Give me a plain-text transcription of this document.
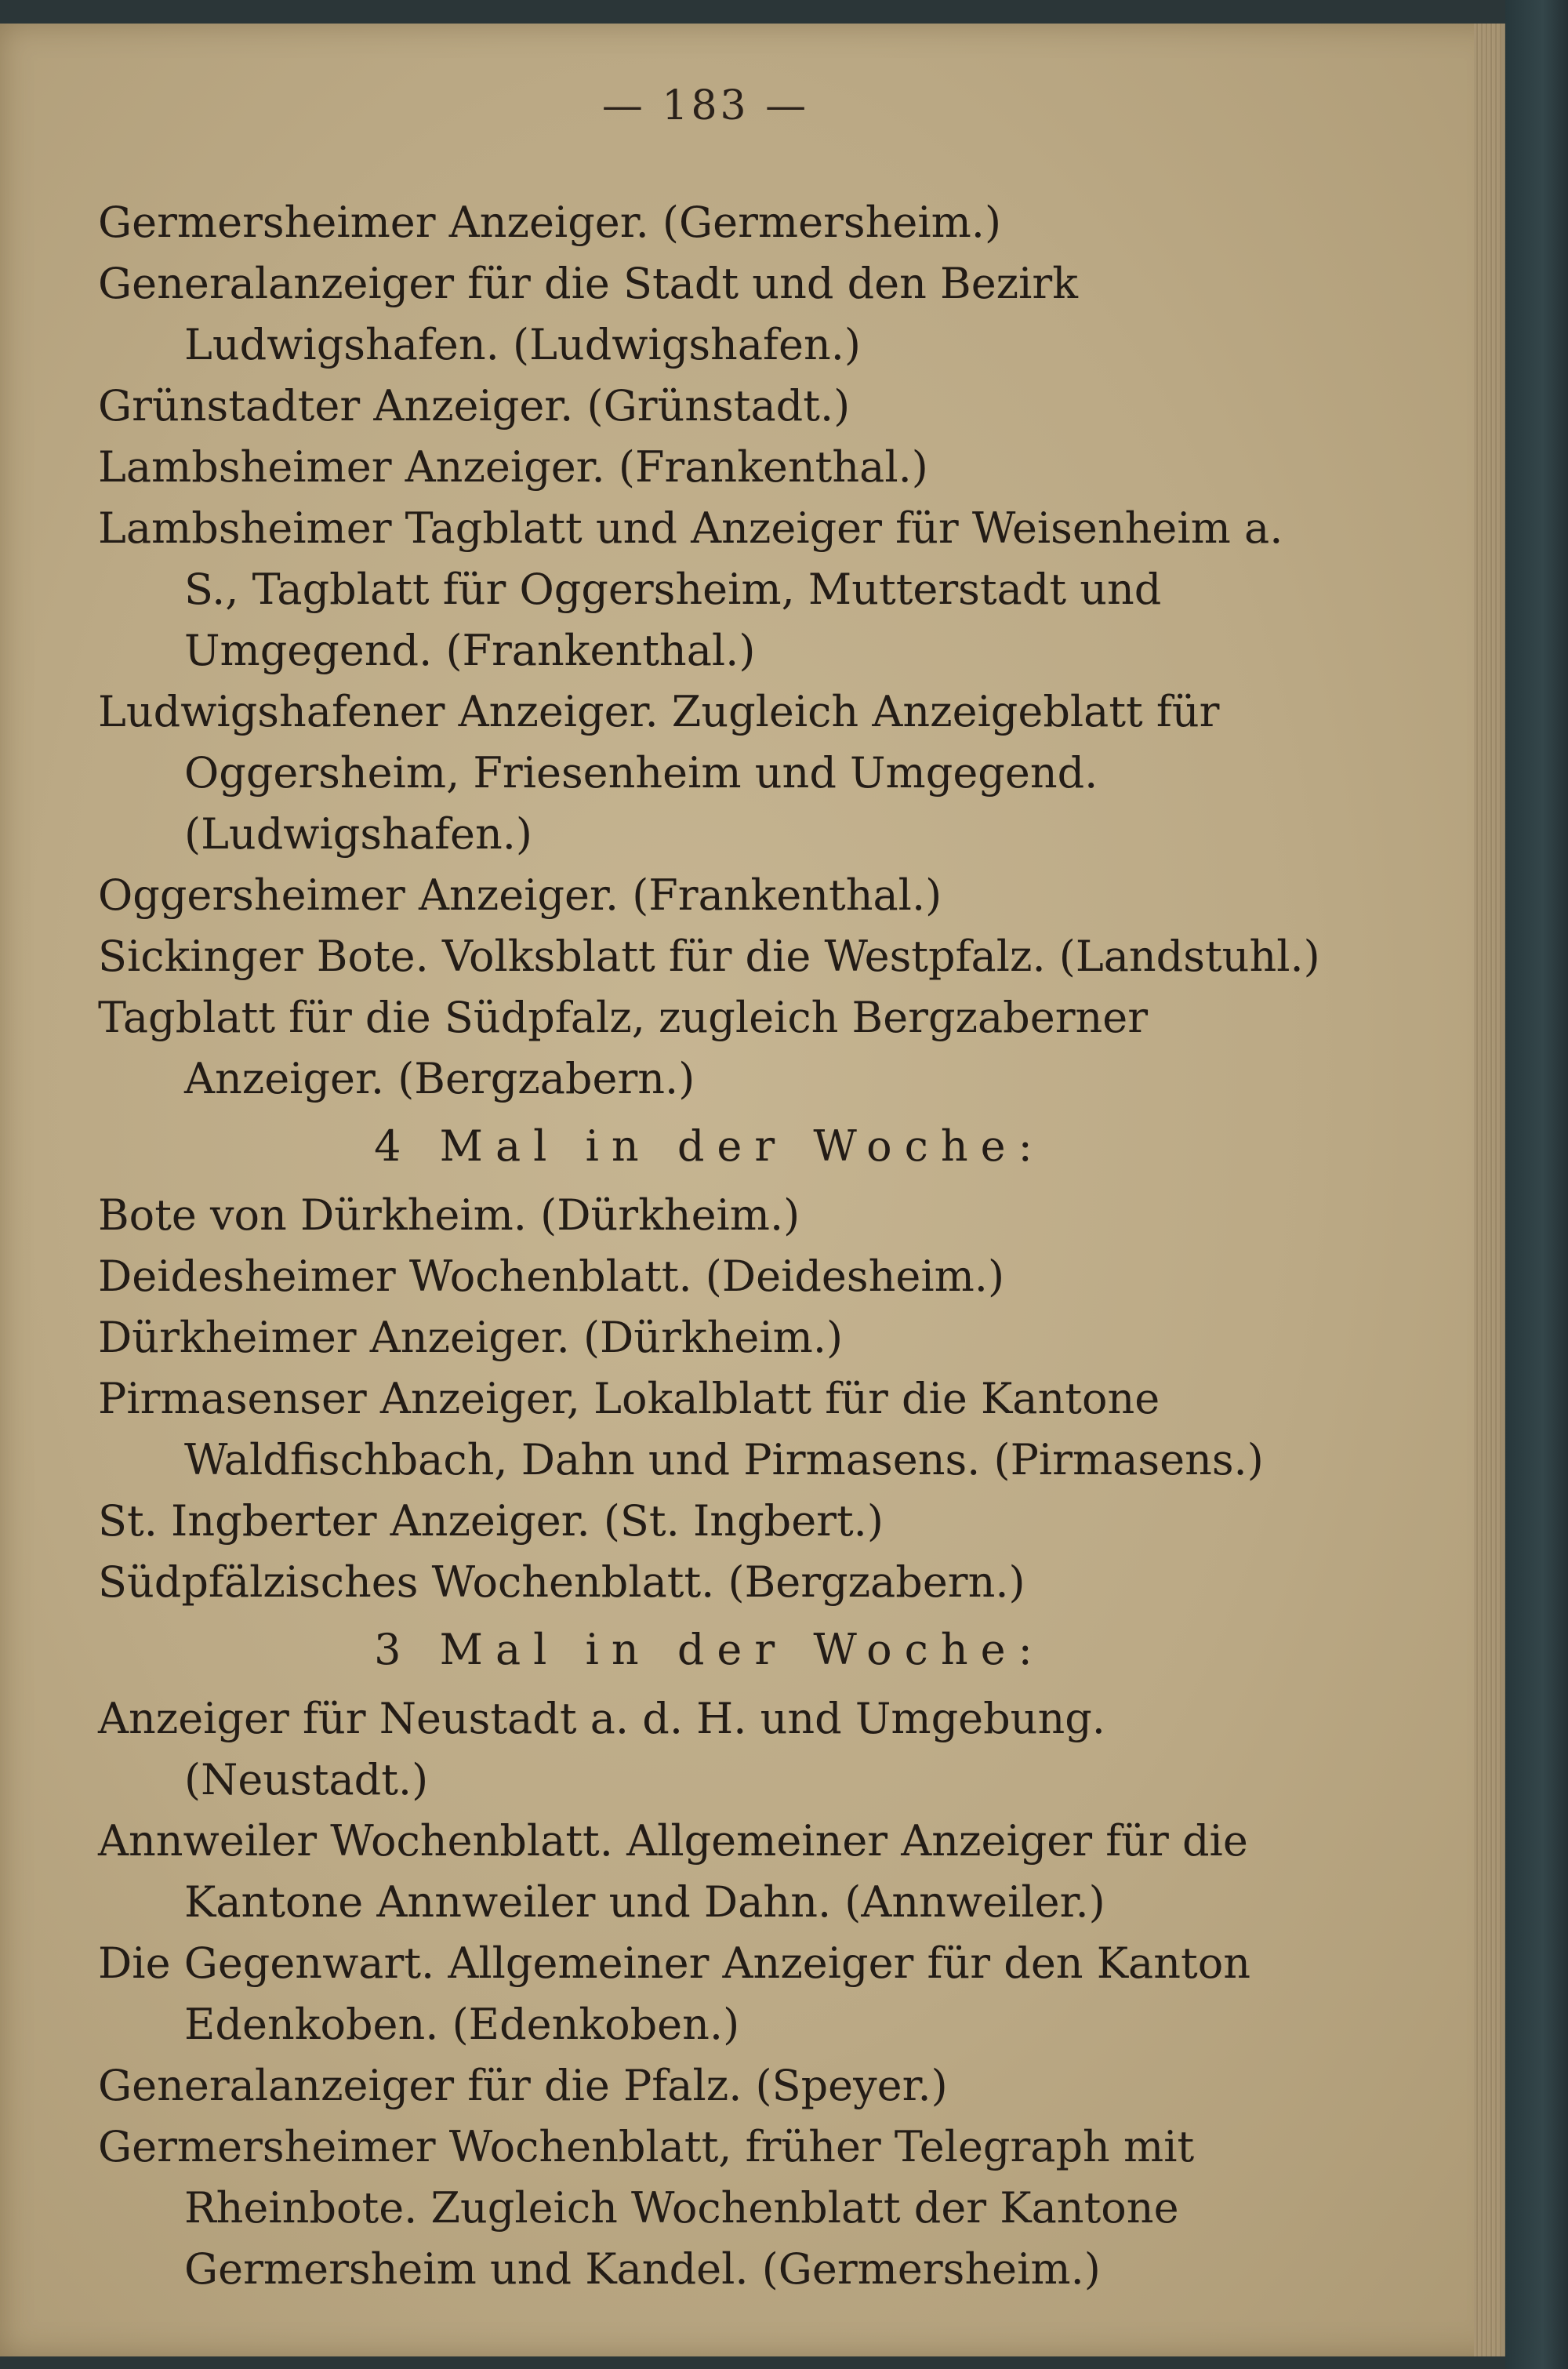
— 183 —

Germersheimer Anzeiger. (Germersheim.)

Generalanzeiger für die Stadt und den Bezirk Ludwigshafen. (Ludwigshafen.)

Grünstadter Anzeiger. (Grünstadt.)

Lambsheimer Anzeiger. (Frankenthal.)

Lambsheimer Tagblatt und Anzeiger für Weisenheim a. S., Tagblatt für Oggersheim, Mutterstadt und Umgegend. (Frankenthal.)

Ludwigshafener Anzeiger. Zugleich Anzeigeblatt für Oggersheim, Friesenheim und Umgegend. (Ludwigshafen.)

Oggersheimer Anzeiger. (Frankenthal.)

Sickinger Bote. Volksblatt für die Westpfalz. (Landstuhl.)

Tagblatt für die Südpfalz, zugleich Bergzaberner Anzeiger. (Bergzabern.)

4 Mal in der Woche:

Bote von Dürkheim. (Dürkheim.)

Deidesheimer Wochenblatt. (Deidesheim.)

Dürkheimer Anzeiger. (Dürkheim.)

Pirmasenser Anzeiger, Lokalblatt für die Kantone Waldfischbach, Dahn und Pirmasens. (Pirmasens.)

St. Ingberter Anzeiger. (St. Ingbert.)

Südpfälzisches Wochenblatt. (Bergzabern.)

3 Mal in der Woche:

Anzeiger für Neustadt a. d. H. und Umgebung. (Neustadt.)

Annweiler Wochenblatt. Allgemeiner Anzeiger für die Kantone Annweiler und Dahn. (Annweiler.)

Die Gegenwart. Allgemeiner Anzeiger für den Kanton Edenkoben. (Edenkoben.)

Generalanzeiger für die Pfalz. (Speyer.)

Germersheimer Wochenblatt, früher Telegraph mit Rheinbote. Zugleich Wochenblatt der Kantone Germersheim und Kandel. (Germersheim.)
